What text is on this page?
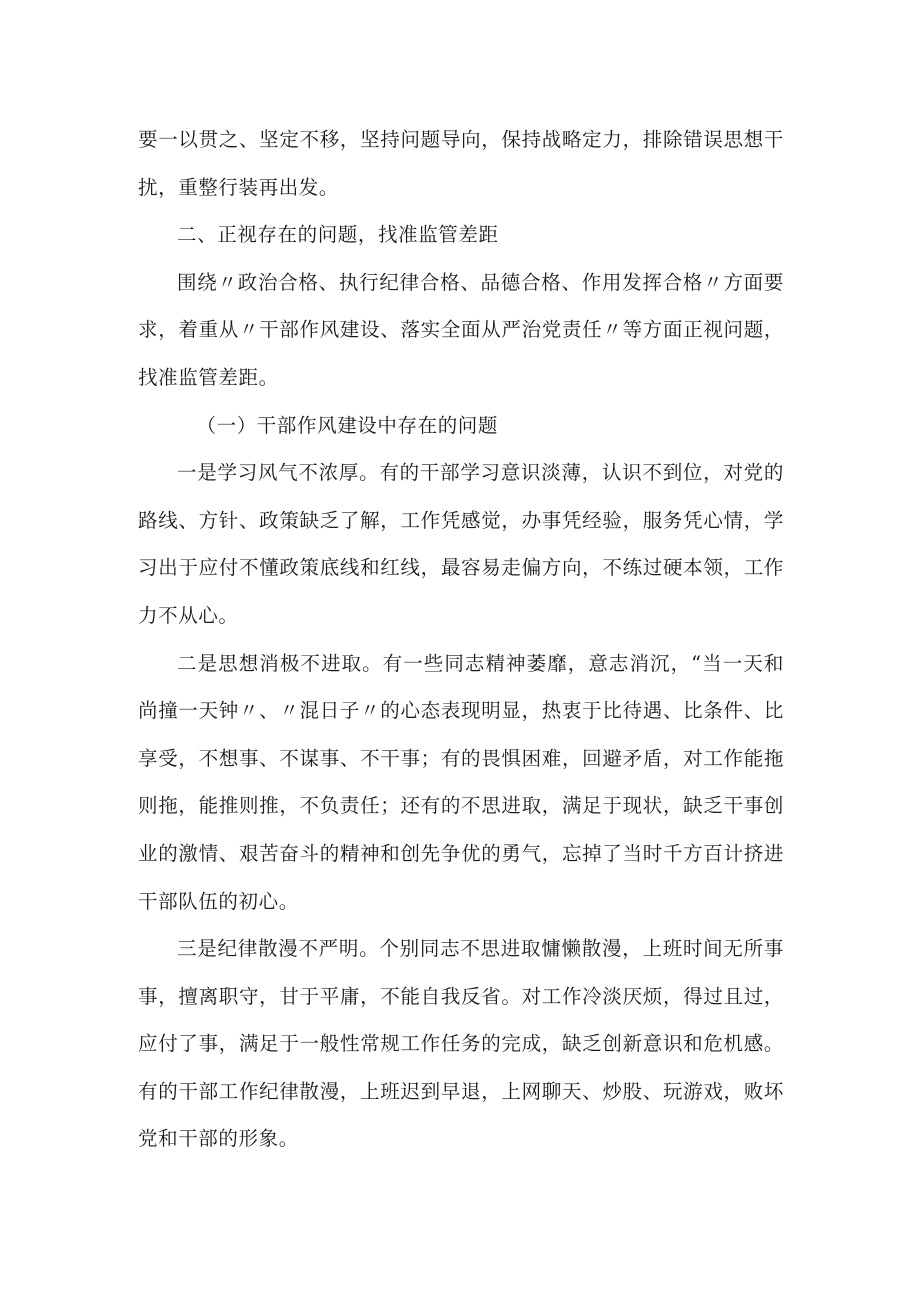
要一以贯之、坚定不移，坚持问题导向，保持战略定力，排除错误思想干扰，重整行装再出发。

二、正视存在的问题，找准监管差距

围绕〃政治合格、执行纪律合格、品德合格、作用发挥合格〃方面要求，着重从〃干部作风建设、落实全面从严治党责任〃等方面正视问题，找准监管差距。

（一）干部作风建设中存在的问题

一是学习风气不浓厚。有的干部学习意识淡薄，认识不到位，对党的路线、方针、政策缺乏了解，工作凭感觉，办事凭经验，服务凭心情，学习出于应付不懂政策底线和红线，最容易走偏方向，不练过硬本领，工作力不从心。

二是思想消极不进取。有一些同志精神萎靡，意志消沉，“当一天和尚撞一天钟〃、〃混日子〃的心态表现明显，热衷于比待遇、比条件、比享受，不想事、不谋事、不干事；有的畏惧困难，回避矛盾，对工作能拖则拖，能推则推，不负责任；还有的不思进取，满足于现状，缺乏干事创业的激情、艰苦奋斗的精神和创先争优的勇气，忘掉了当时千方百计挤进干部队伍的初心。

三是纪律散漫不严明。个别同志不思进取慵懒散漫，上班时间无所事事，擅离职守，甘于平庸，不能自我反省。对工作冷淡厌烦，得过且过，应付了事，满足于一般性常规工作任务的完成，缺乏创新意识和危机感。有的干部工作纪律散漫，上班迟到早退，上网聊天、炒股、玩游戏，败坏党和干部的形象。
